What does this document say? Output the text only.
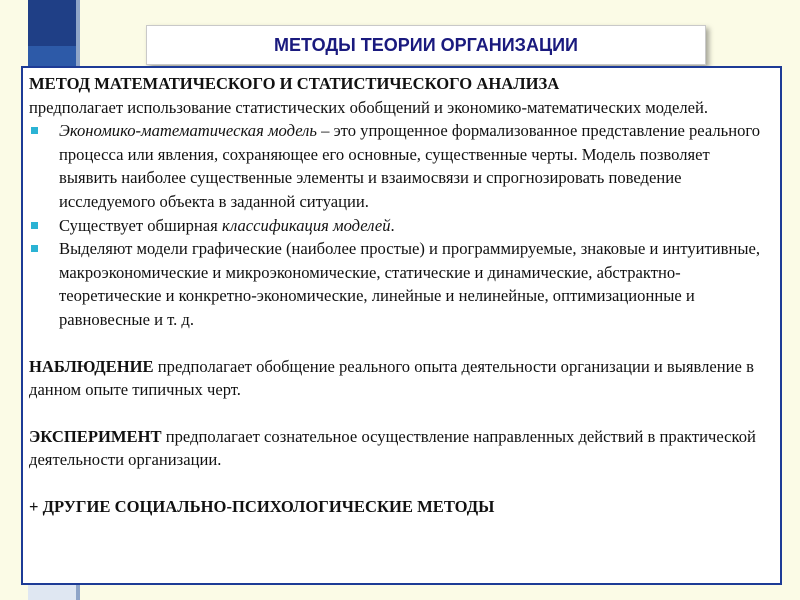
МЕТОДЫ ТЕОРИИ ОРГАНИЗАЦИИ

МЕТОД МАТЕМАТИЧЕСКОГО И СТАТИСТИЧЕСКОГО АНАЛИЗА
предполагает использование статистических обобщений и экономико-математических моделей.

Экономико-математическая модель – это упрощенное формализованное представление реального процесса или явления, сохраняющее его основные, существенные черты. Модель позволяет выявить наиболее существенные элементы и взаимосвязи и спрогнозировать поведение исследуемого объекта в заданной ситуации.
Существует обширная классификация моделей.
Выделяют модели графические (наиболее простые) и программируемые, знаковые и интуитивные, макроэкономические и микроэкономические, статические и динамические, абстрактно-теоретические и конкретно-экономические, линейные и нелинейные, оптимизационные и равновесные и т. д.

НАБЛЮДЕНИЕ предполагает обобщение реального опыта деятельности организации и выявление в данном опыте типичных черт.

ЭКСПЕРИМЕНТ предполагает сознательное осуществление направленных действий в практической деятельности организации.

+ ДРУГИЕ СОЦИАЛЬНО-ПСИХОЛОГИЧЕСКИЕ МЕТОДЫ
